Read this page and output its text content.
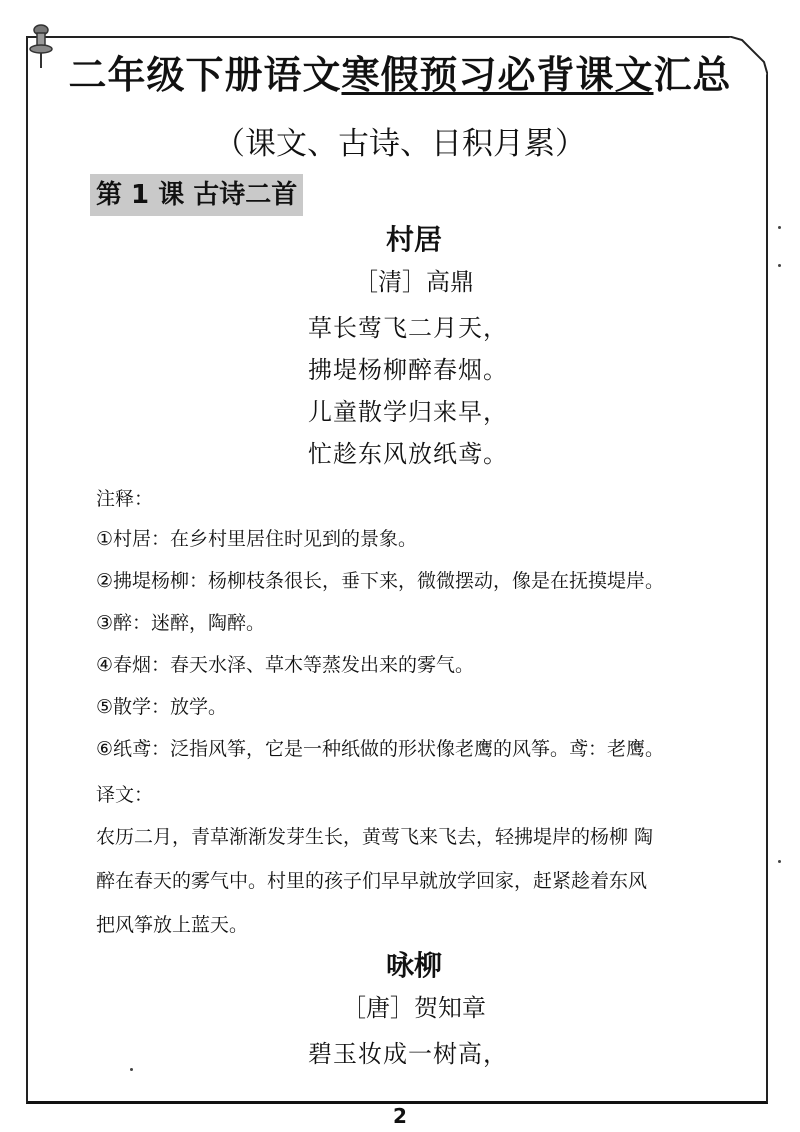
二年级下册语文寒假预习必背课文汇总
（课文、古诗、日积月累）
第 1 课 古诗二首
村居
［清］高鼎
草长莺飞二月天，
拂堤杨柳醉春烟。
儿童散学归来早，
忙趁东风放纸鸢。
注释：
①村居：在乡村里居住时见到的景象。
②拂堤杨柳：杨柳枝条很长，垂下来，微微摆动，像是在抚摸堤岸。
③醉：迷醉，陶醉。
④春烟：春天水泽、草木等蒸发出来的雾气。
⑤散学：放学。
⑥纸鸢：泛指风筝，它是一种纸做的形状像老鹰的风筝。鸢：老鹰。
译文：
农历二月，青草渐渐发芽生长，黄莺飞来飞去，轻拂堤岸的杨柳 陶
醉在春天的雾气中。村里的孩子们早早就放学回家，赶紧趁着东风
把风筝放上蓝天。
咏柳
［唐］贺知章
碧玉妆成一树高，
2
